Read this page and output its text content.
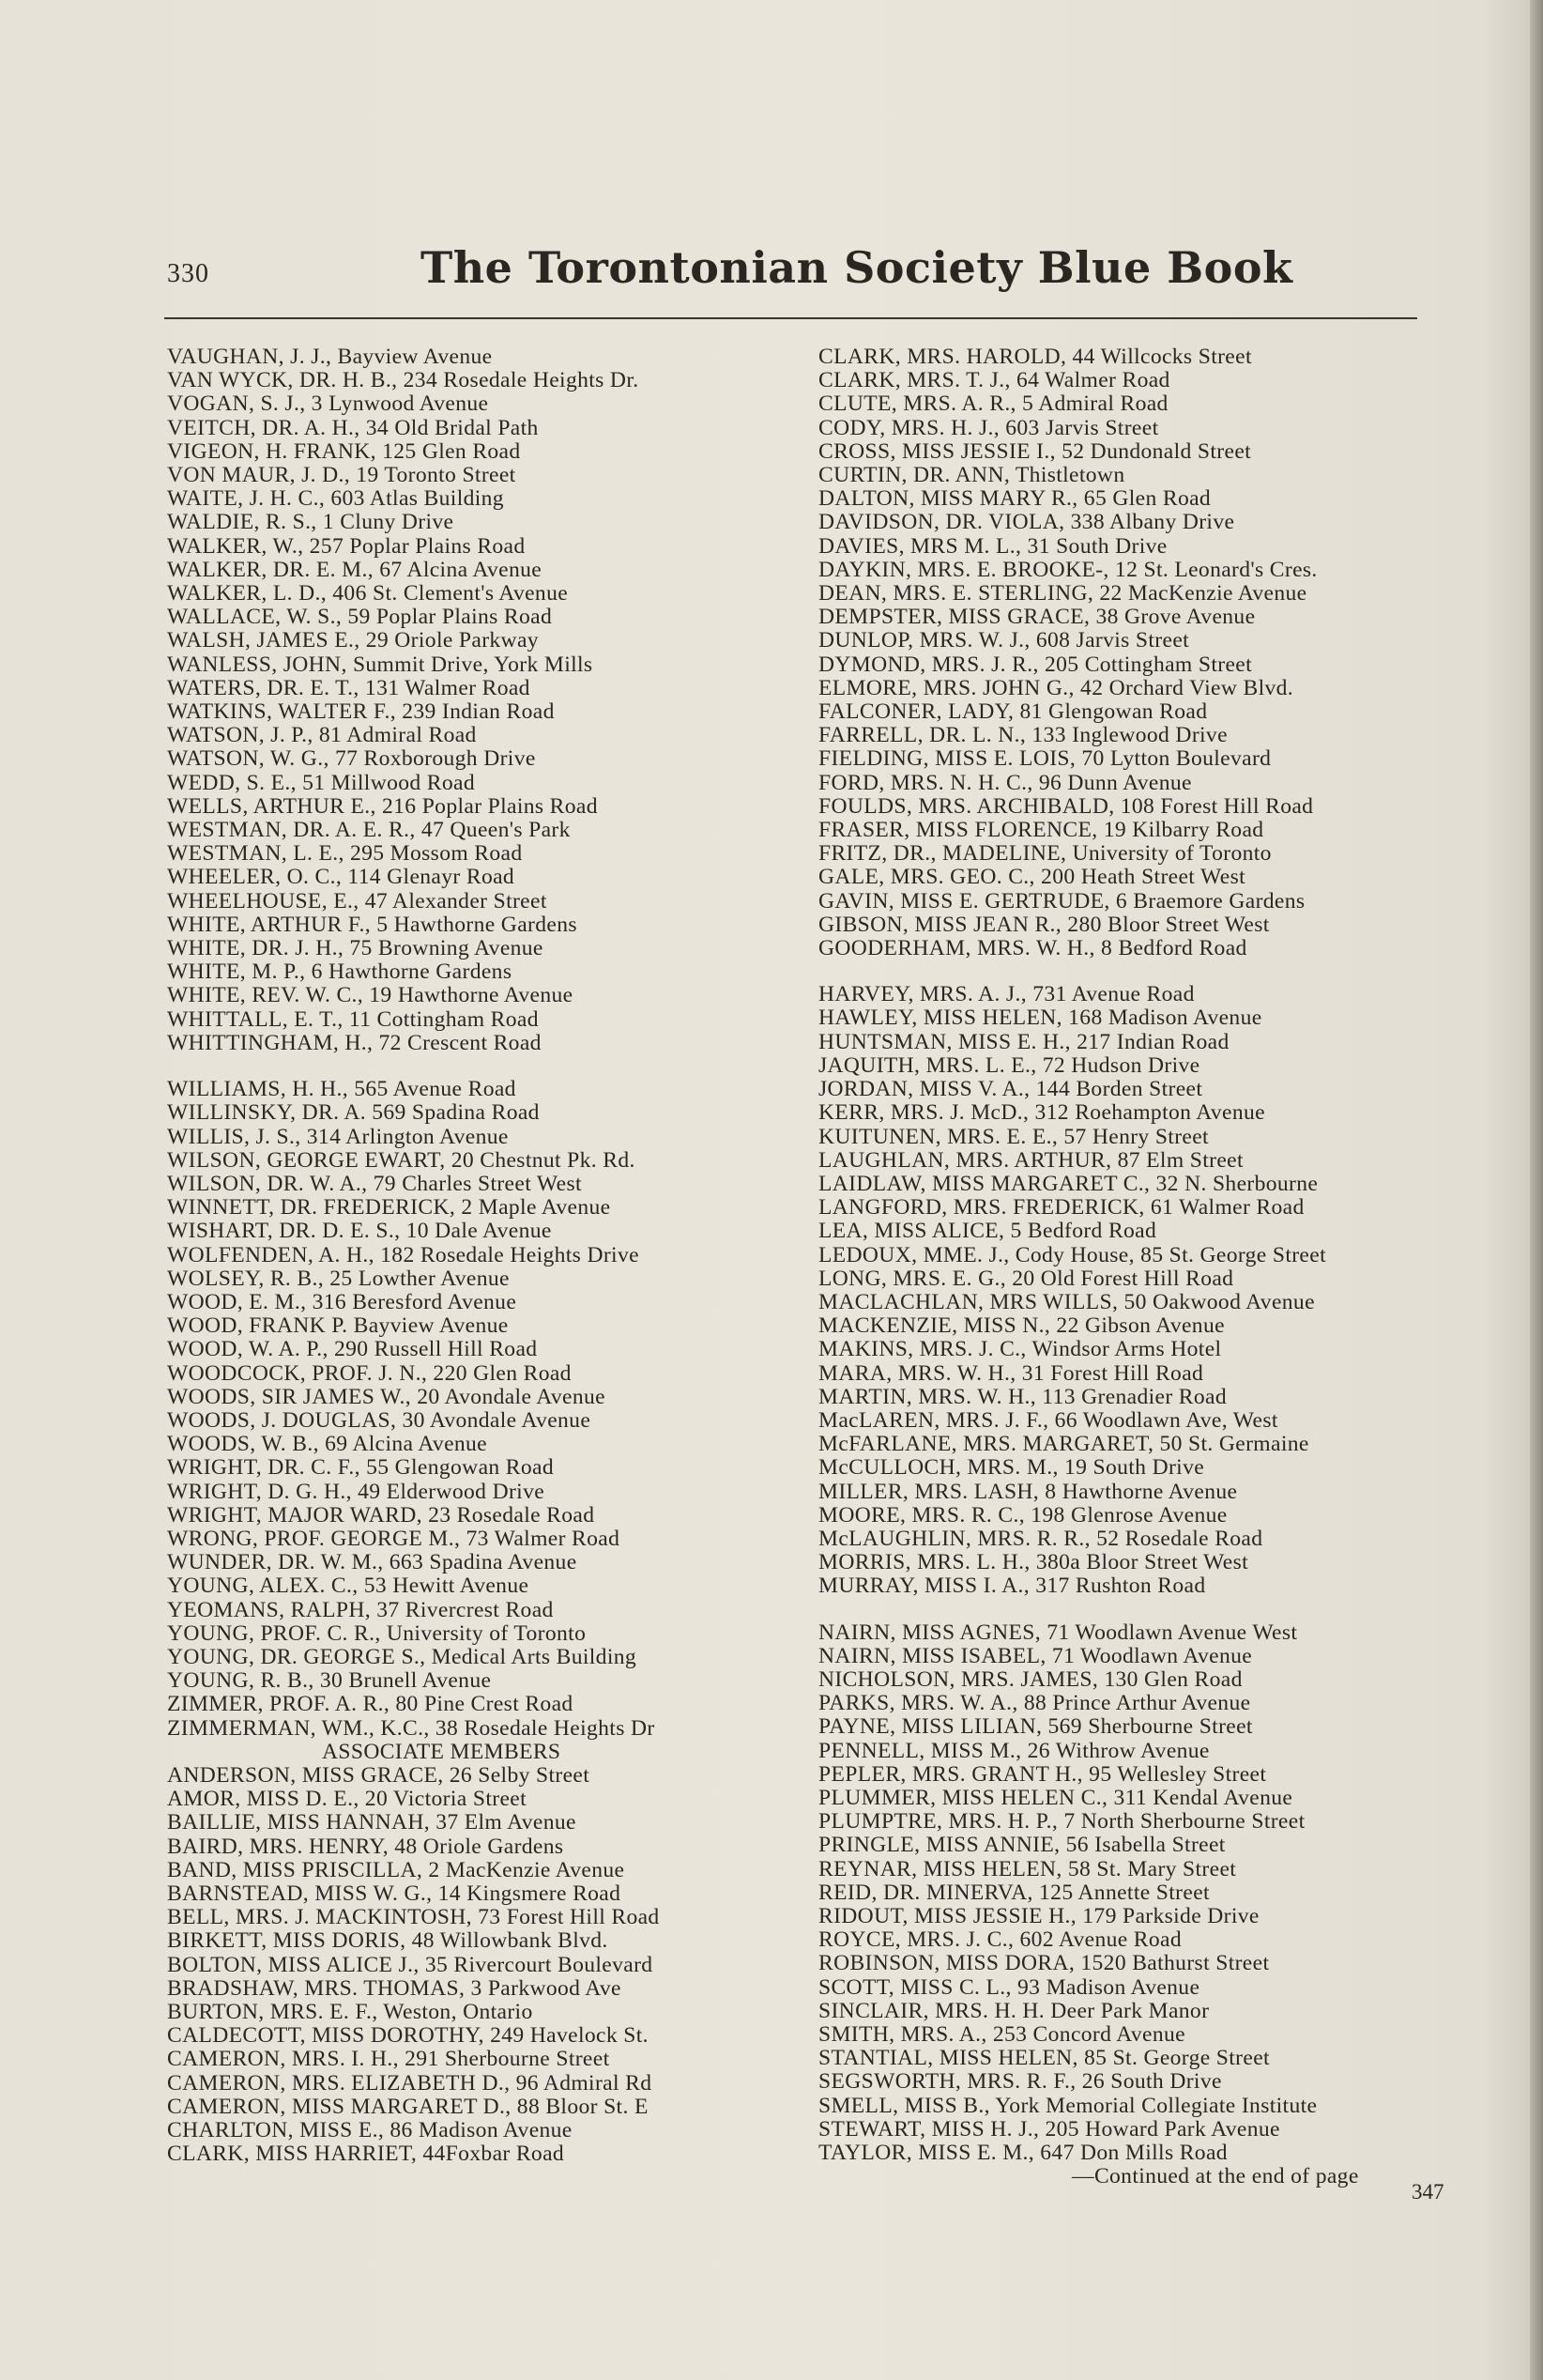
330	The Torontonian Society Blue Book
VAUGHAN, J. J., Bayview Avenue
VAN WYCK, DR. H. B., 234 Rosedale Heights Dr.
VOGAN, S. J., 3 Lynwood Avenue
VEITCH, DR. A. H., 34 Old Bridal Path
VIGEON, H. FRANK, 125 Glen Road
VON MAUR, J. D., 19 Toronto Street
WAITE, J. H. C., 603 Atlas Building
WALDIE, R. S., 1 Cluny Drive
WALKER, W., 257 Poplar Plains Road
WALKER, DR. E. M., 67 Alcina Avenue
WALKER, L. D., 406 St. Clement's Avenue
WALLACE, W. S., 59 Poplar Plains Road
WALSH, JAMES E., 29 Oriole Parkway
WANLESS, JOHN, Summit Drive, York Mills
WATERS, DR. E. T., 131 Walmer Road
WATKINS, WALTER F., 239 Indian Road
WATSON, J. P., 81 Admiral Road
WATSON, W. G., 77 Roxborough Drive
WEDD, S. E., 51 Millwood Road
WELLS, ARTHUR E., 216 Poplar Plains Road
WESTMAN, DR. A. E. R., 47 Queen's Park
WESTMAN, L. E., 295 Mossom Road
WHEELER, O. C., 114 Glenayr Road
WHEELHOUSE, E., 47 Alexander Street
WHITE, ARTHUR F., 5 Hawthorne Gardens
WHITE, DR. J. H., 75 Browning Avenue
WHITE, M. P., 6 Hawthorne Gardens
WHITE, REV. W. C., 19 Hawthorne Avenue
WHITTALL, E. T., 11 Cottingham Road
WHITTINGHAM, H., 72 Crescent Road
WILLIAMS, H. H., 565 Avenue Road
WILLINSKY, DR. A. 569 Spadina Road
WILLIS, J. S., 314 Arlington Avenue
WILSON, GEORGE EWART, 20 Chestnut Pk. Rd.
WILSON, DR. W. A., 79 Charles Street West
WINNETT, DR. FREDERICK, 2 Maple Avenue
WISHART, DR. D. E. S., 10 Dale Avenue
WOLFENDEN, A. H., 182 Rosedale Heights Drive
WOLSEY, R. B., 25 Lowther Avenue
WOOD, E. M., 316 Beresford Avenue
WOOD, FRANK P. Bayview Avenue
WOOD, W. A. P., 290 Russell Hill Road
WOODCOCK, PROF. J. N., 220 Glen Road
WOODS, SIR JAMES W., 20 Avondale Avenue
WOODS, J. DOUGLAS, 30 Avondale Avenue
WOODS, W. B., 69 Alcina Avenue
WRIGHT, DR. C. F., 55 Glengowan Road
WRIGHT, D. G. H., 49 Elderwood Drive
WRIGHT, MAJOR WARD, 23 Rosedale Road
WRONG, PROF. GEORGE M., 73 Walmer Road
WUNDER, DR. W. M., 663 Spadina Avenue
YOUNG, ALEX. C., 53 Hewitt Avenue
YEOMANS, RALPH, 37 Rivercrest Road
YOUNG, PROF. C. R., University of Toronto
YOUNG, DR. GEORGE S., Medical Arts Building
YOUNG, R. B., 30 Brunell Avenue
ZIMMER, PROF. A. R., 80 Pine Crest Road
ZIMMERMAN, WM., K.C., 38 Rosedale Heights Dr
ASSOCIATE MEMBERS
ANDERSON, MISS GRACE, 26 Selby Street
AMOR, MISS D. E., 20 Victoria Street
BAILLIE, MISS HANNAH, 37 Elm Avenue
BAIRD, MRS. HENRY, 48 Oriole Gardens
BAND, MISS PRISCILLA, 2 MacKenzie Avenue
BARNSTEAD, MISS W. G., 14 Kingsmere Road
BELL, MRS. J. MACKINTOSH, 73 Forest Hill Road
BIRKETT, MISS DORIS, 48 Willowbank Blvd.
BOLTON, MISS ALICE J., 35 Rivercourt Boulevard
BRADSHAW, MRS. THOMAS, 3 Parkwood Ave
BURTON, MRS. E. F., Weston, Ontario
CALDECOTT, MISS DOROTHY, 249 Havelock St.
CAMERON, MRS. I. H., 291 Sherbourne Street
CAMERON, MRS. ELIZABETH D., 96 Admiral Rd
CAMERON, MISS MARGARET D., 88 Bloor St. E
CHARLTON, MISS E., 86 Madison Avenue
CLARK, MISS HARRIET, 44Foxbar Road
CLARK, MRS. HAROLD, 44 Willcocks Street
CLARK, MRS. T. J., 64 Walmer Road
CLUTE, MRS. A. R., 5 Admiral Road
CODY, MRS. H. J., 603 Jarvis Street
CROSS, MISS JESSIE I., 52 Dundonald Street
CURTIN, DR. ANN, Thistletown
DALTON, MISS MARY R., 65 Glen Road
DAVIDSON, DR. VIOLA, 338 Albany Drive
DAVIES, MRS M. L., 31 South Drive
DAYKIN, MRS. E. BROOKE-, 12 St. Leonard's Cres.
DEAN, MRS. E. STERLING, 22 MacKenzie Avenue
DEMPSTER, MISS GRACE, 38 Grove Avenue
DUNLOP, MRS. W. J., 608 Jarvis Street
DYMOND, MRS. J. R., 205 Cottingham Street
ELMORE, MRS. JOHN G., 42 Orchard View Blvd.
FALCONER, LADY, 81 Glengowan Road
FARRELL, DR. L. N., 133 Inglewood Drive
FIELDING, MISS E. LOIS, 70 Lytton Boulevard
FORD, MRS. N. H. C., 96 Dunn Avenue
FOULDS, MRS. ARCHIBALD, 108 Forest Hill Road
FRASER, MISS FLORENCE, 19 Kilbarry Road
FRITZ, DR., MADELINE, University of Toronto
GALE, MRS. GEO. C., 200 Heath Street West
GAVIN, MISS E. GERTRUDE, 6 Braemore Gardens
GIBSON, MISS JEAN R., 280 Bloor Street West
GOODERHAM, MRS. W. H., 8 Bedford Road
HARVEY, MRS. A. J., 731 Avenue Road
HAWLEY, MISS HELEN, 168 Madison Avenue
HUNTSMAN, MISS E. H., 217 Indian Road
JAQUITH, MRS. L. E., 72 Hudson Drive
JORDAN, MISS V. A., 144 Borden Street
KERR, MRS. J. McD., 312 Roehampton Avenue
KUITUNEN, MRS. E. E., 57 Henry Street
LAUGHLAN, MRS. ARTHUR, 87 Elm Street
LAIDLAW, MISS MARGARET C., 32 N. Sherbourne
LANGFORD, MRS. FREDERICK, 61 Walmer Road
LEA, MISS ALICE, 5 Bedford Road
LEDOUX, MME. J., Cody House, 85 St. George Street
LONG, MRS. E. G., 20 Old Forest Hill Road
MACLACHLAN, MRS WILLS, 50 Oakwood Avenue
MACKENZIE, MISS N., 22 Gibson Avenue
MAKINS, MRS. J. C., Windsor Arms Hotel
MARA, MRS. W. H., 31 Forest Hill Road
MARTIN, MRS. W. H., 113 Grenadier Road
MacLAREN, MRS. J. F., 66 Woodlawn Ave, West
McFARLANE, MRS. MARGARET, 50 St. Germaine
McCULLOCH, MRS. M., 19 South Drive
MILLER, MRS. LASH, 8 Hawthorne Avenue
MOORE, MRS. R. C., 198 Glenrose Avenue
McLAUGHLIN, MRS. R. R., 52 Rosedale Road
MORRIS, MRS. L. H., 380a Bloor Street West
MURRAY, MISS I. A., 317 Rushton Road
NAIRN, MISS AGNES, 71 Woodlawn Avenue West
NAIRN, MISS ISABEL, 71 Woodlawn Avenue
NICHOLSON, MRS. JAMES, 130 Glen Road
PARKS, MRS. W. A., 88 Prince Arthur Avenue
PAYNE, MISS LILIAN, 569 Sherbourne Street
PENNELL, MISS M., 26 Withrow Avenue
PEPLER, MRS. GRANT H., 95 Wellesley Street
PLUMMER, MISS HELEN C., 311 Kendal Avenue
PLUMPTRE, MRS. H. P., 7 North Sherbourne Street
PRINGLE, MISS ANNIE, 56 Isabella Street
REYNAR, MISS HELEN, 58 St. Mary Street
REID, DR. MINERVA, 125 Annette Street
RIDOUT, MISS JESSIE H., 179 Parkside Drive
ROYCE, MRS. J. C., 602 Avenue Road
ROBINSON, MISS DORA, 1520 Bathurst Street
SCOTT, MISS C. L., 93 Madison Avenue
SINCLAIR, MRS. H. H. Deer Park Manor
SMITH, MRS. A., 253 Concord Avenue
STANTIAL, MISS HELEN, 85 St. George Street
SEGSWORTH, MRS. R. F., 26 South Drive
SMELL, MISS B., York Memorial Collegiate Institute
STEWART, MISS H. J., 205 Howard Park Avenue
TAYLOR, MISS E. M., 647 Don Mills Road
—Continued at the end of page
347
